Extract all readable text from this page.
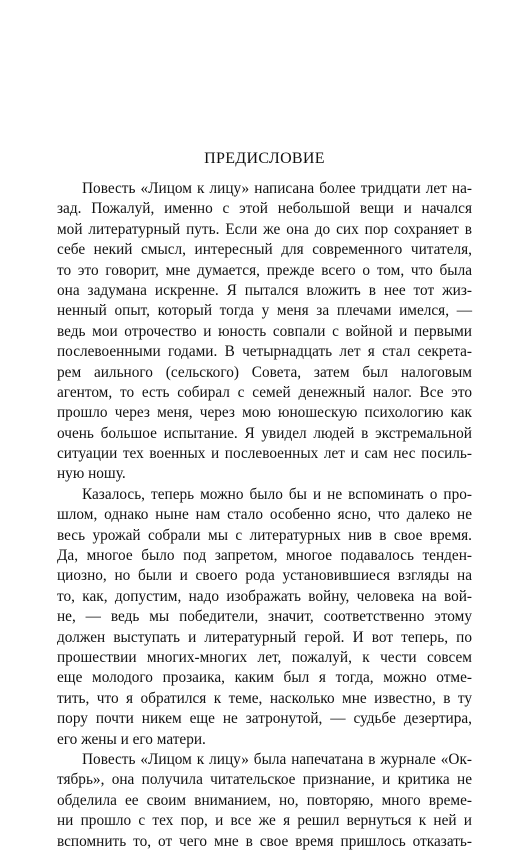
ПРЕДИСЛОВИЕ
Повесть «Лицом к лицу» написана более тридцати лет на-
зад. Пожалуй, именно с этой небольшой вещи и начался
мой литературный путь. Если же она до сих пор сохраняет в
себе некий смысл, интересный для современного читателя,
то это говорит, мне думается, прежде всего о том, что была
она задумана искренне. Я пытался вложить в нее тот жиз-
ненный опыт, который тогда у меня за плечами имелся, —
ведь мои отрочество и юность совпали с войной и первыми
послевоенными годами. В четырнадцать лет я стал секрета-
рем аильного (сельского) Совета, затем был налоговым
агентом, то есть собирал с семей денежный налог. Все это
прошло через меня, через мою юношескую психологию как
очень большое испытание. Я увидел людей в экстремальной
ситуации тех военных и послевоенных лет и сам нес посиль-
ную ношу.
Казалось, теперь можно было бы и не вспоминать о про-
шлом, однако ныне нам стало особенно ясно, что далеко не
весь урожай собрали мы с литературных нив в свое время.
Да, многое было под запретом, многое подавалось тенден-
циозно, но были и своего рода установившиеся взгляды на
то, как, допустим, надо изображать войну, человека на вой-
не, — ведь мы победители, значит, соответственно этому
должен выступать и литературный герой. И вот теперь, по
прошествии многих-многих лет, пожалуй, к чести совсем
еще молодого прозаика, каким был я тогда, можно отме-
тить, что я обратился к теме, насколько мне известно, в ту
пору почти никем еще не затронутой, — судьбе дезертира,
его жены и его матери.
Повесть «Лицом к лицу» была напечатана в журнале «Ок-
тябрь», она получила читательское признание, и критика не
обделила ее своим вниманием, но, повторяю, много време-
ни прошло с тех пор, и все же я решил вернуться к ней и
вспомнить то, от чего мне в свое время пришлось отказать-
